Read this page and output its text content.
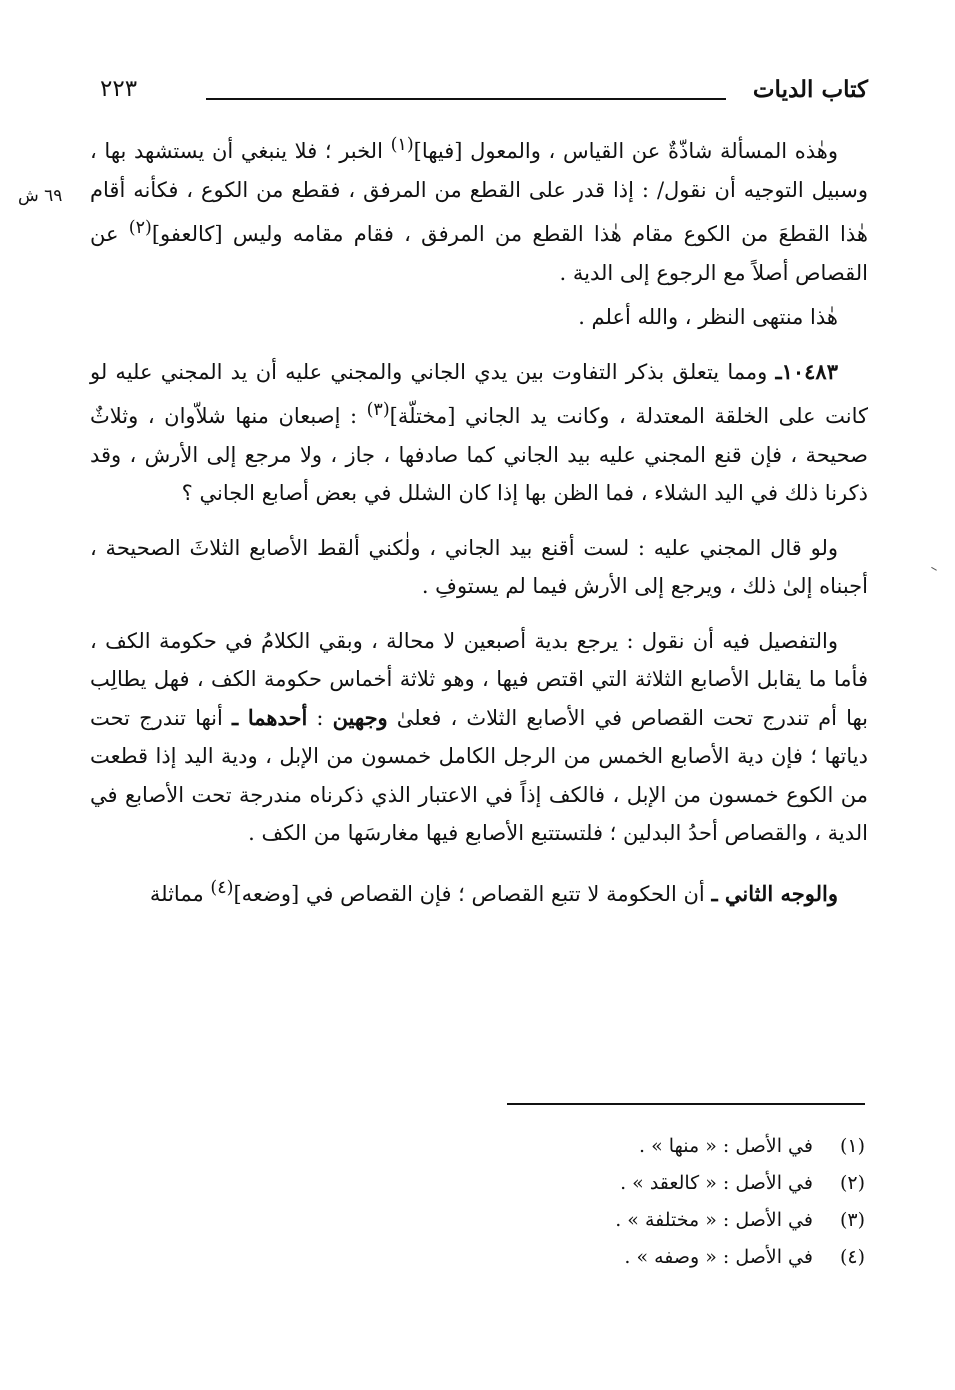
كتاب الديات
٢٢٣
٦٩ ش

وهٰذه المسألة شاذّةٌ عن القياس ، والمعول [فيها]$^{(١)}$ الخبر ؛ فلا ينبغي أن يستشهد بها ، وسبيل التوجيه أن نقول/ : إذا قدر على القطع من المرفق ، فقطع من الكوع ، فكأنه أقام هٰذا القطعَ من الكوع مقام هٰذا القطع من المرفق ، فقام مقامه وليس [كالعفو]$^{(٢)}$ عن القصاص أصلاً مع الرجوع إلى الدية .

هٰذا منتهى النظر ، والله أعلم .

١٠٤٨٣ـ ومما يتعلق بذكر التفاوت بين يدي الجاني والمجني عليه أن يد المجني عليه لو كانت على الخلقة المعتدلة ، وكانت يد الجاني [مختلّة]$^{(٣)}$ : إصبعان منها شلاّوان ، وثلاثٌ صحيحة ، فإن قنع المجني عليه بيد الجاني كما صادفها ، جاز ، ولا مرجع إلى الأرش ، وقد ذكرنا ذلك في اليد الشلاء ، فما الظن بها إذا كان الشلل في بعض أصابع الجاني ؟

ولو قال المجني عليه : لست أقنع بيد الجاني ، ولٰكني ألقط الأصابع الثلاثَ الصحيحة ، أجبناه إلىٰ ذلك ، ويرجع إلى الأرش فيما لم يستوفِ .

والتفصيل فيه أن نقول : يرجع بدية أصبعين لا محالة ، وبقي الكلامُ في حكومة الكف ، فأما ما يقابل الأصابع الثلاثة التي اقتص فيها ، وهو ثلاثة أخماس حكومة الكف ، فهل يطالِب بها أم تندرج تحت القصاص في الأصابع الثلاث ، فعلىٰ وجهين : أحدهما ـ أنها تندرج تحت دياتها ؛ فإن دية الأصابع الخمس من الرجل الكامل خمسون من الإبل ، ودية اليد إذا قطعت من الكوع خمسون من الإبل ، فالكف إذاً في الاعتبار الذي ذكرناه مندرجة تحت الأصابع في الدية ، والقصاص أحدُ البدلين ؛ فلتستتبع الأصابع فيها مغارسَها من الكف .

والوجه الثاني ـ أن الحكومة لا تتبع القصاص ؛ فإن القصاص في [وضعه]$^{(٤)}$ مماثلة

(١) في الأصل : « منها » .
(٢) في الأصل : « كالعقد » .
(٣) في الأصل : « مختلفة » .
(٤) في الأصل : « وصفه » .
